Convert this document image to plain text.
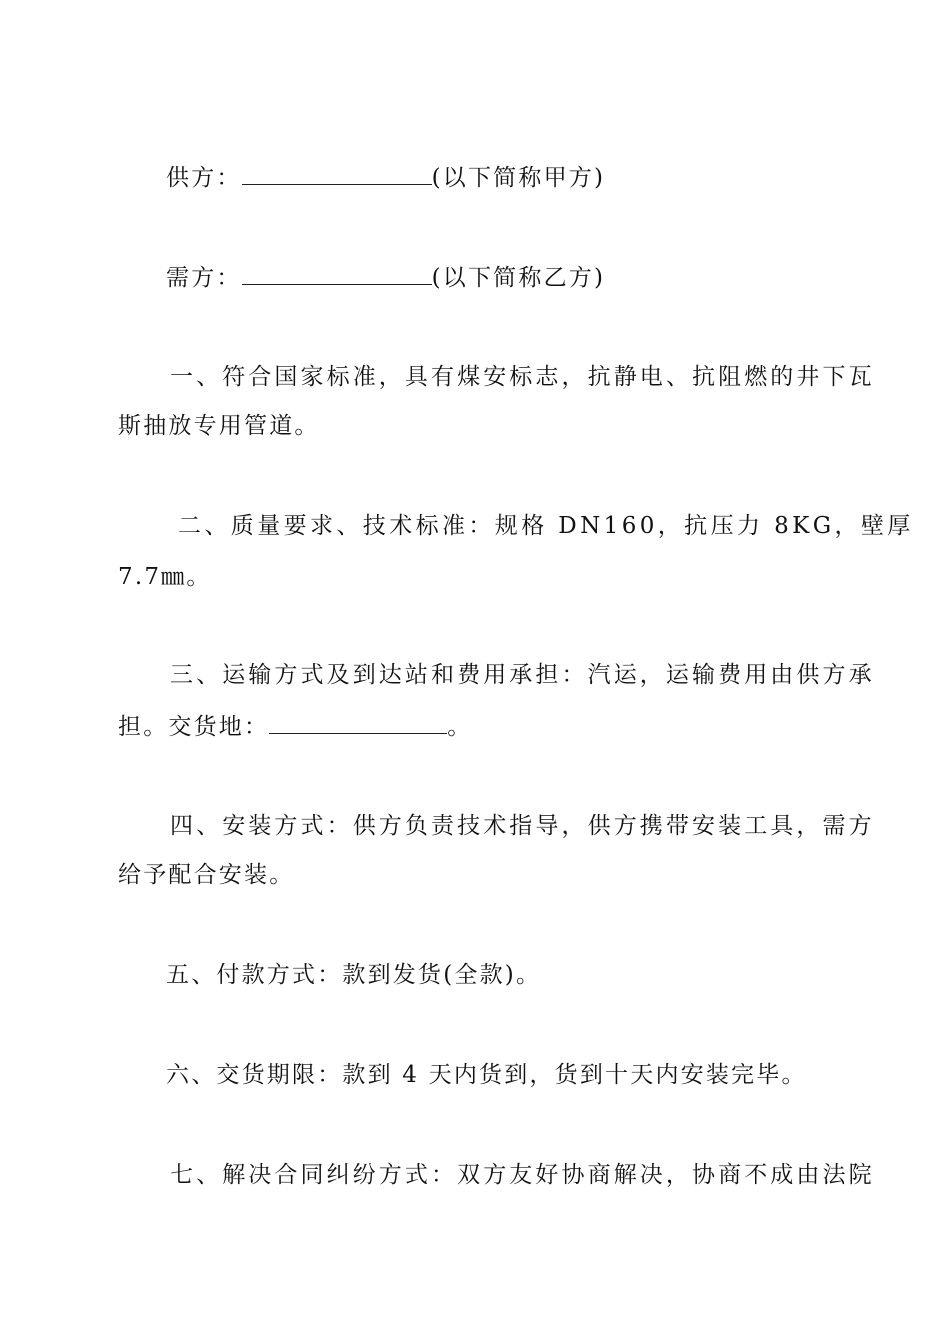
供方：	(以下简称甲方)
需方：	(以下简称乙方)
一、符合国家标准，具有煤安标志，抗静电、抗阻燃的井下瓦
斯抽放专用管道。
二、质量要求、技术标准：规格 DN160，抗压力 8KG，壁厚
7.7㎜。
三、运输方式及到达站和费用承担：汽运，运输费用由供方承
担。交货地：	。
四、安装方式：供方负责技术指导，供方携带安装工具，需方
给予配合安装。
五、付款方式：款到发货(全款)。
六、交货期限：款到 4 天内货到，货到十天内安装完毕。
七、解决合同纠纷方式：双方友好协商解决，协商不成由法院
